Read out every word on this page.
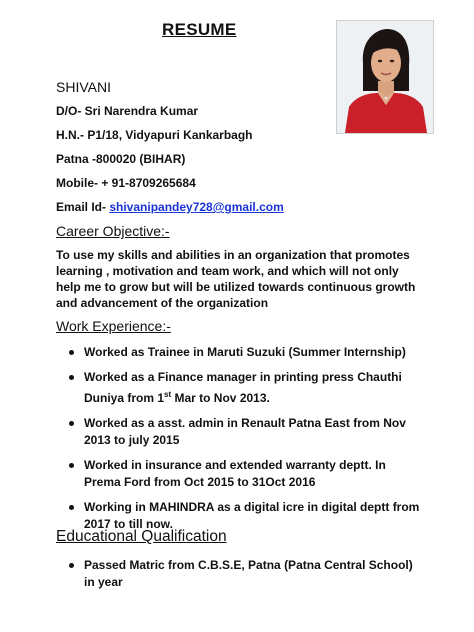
RESUME
SHIVANI
D/O- Sri Narendra Kumar
H.N.- P1/18, Vidyapuri Kankarbagh
Patna -800020 (BIHAR)
Mobile- + 91-8709265684
Email Id- shivanipandey728@gmail.com
Career Objective:-
To use my skills and abilities in an organization that promotes learning , motivation and team work, and which will not only help me to grow but will be utilized towards continuous growth and advancement of the organization
Work Experience:-
Worked as Trainee in Maruti Suzuki (Summer Internship)
Worked as a Finance manager in printing press Chauthi Duniya from 1st Mar to Nov 2013.
Worked as a asst. admin in Renault Patna East from Nov 2013 to july 2015
Worked in insurance and extended warranty deptt. In Prema Ford from Oct 2015 to 31Oct 2016
Working in MAHINDRA as a digital icre in digital deptt from 2017 to till now.
Educational Qualification
Passed Matric from C.B.S.E, Patna (Patna Central School) in year
